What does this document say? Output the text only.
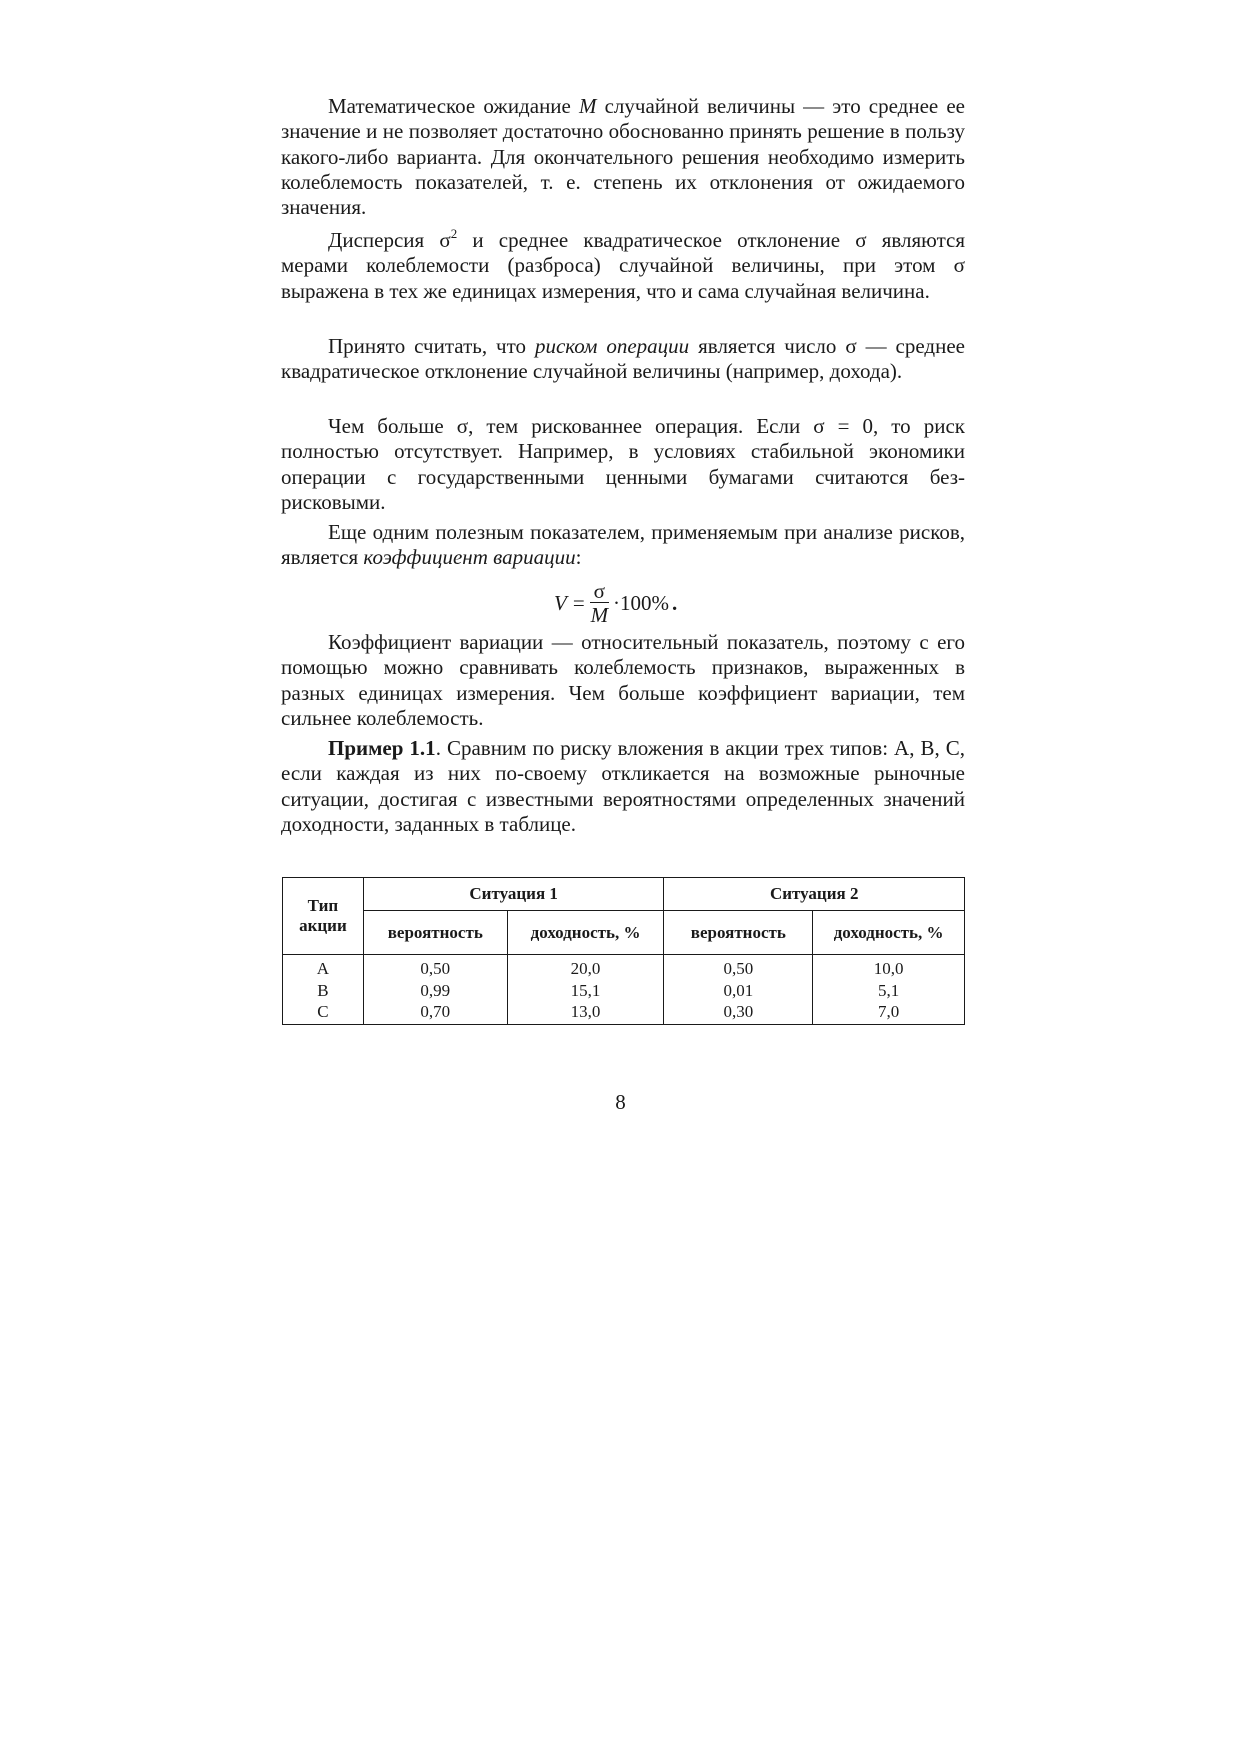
Математическое ожидание M случайной величины — это среднее ее значение и не позволяет достаточно обоснованно принять решение в пользу какого-либо варианта. Для окончательного решения необходимо измерить колеблемость показателей, т. е. степень их отклонения от ожидаемого значения.

Дисперсия $\sigma^2$ и среднее квадратическое отклонение σ являются мерами колеблемости (разброса) случайной величины, при этом σ выражена в тех же единицах измерения, что и сама случайная величина.

Принято считать, что риском операции является число σ — среднее квадратическое отклонение случайной величины (например, дохода).

Чем больше σ, тем рискованнее операция. Если σ = 0, то риск полностью отсутствует. Например, в условиях стабильной экономики операции с государственными ценными бумагами считаются безрисковыми.

Еще одним полезным показателем, применяемым при анализе рисков, является коэффициент вариации:

$V = \frac{\sigma}{M} \cdot 100\%$ .

Коэффициент вариации — относительный показатель, поэтому с его помощью можно сравнивать колеблемость признаков, выраженных в разных единицах измерения. Чем больше коэффициент вариации, тем сильнее колеблемость.

Пример 1.1. Сравним по риску вложения в акции трех типов: А, В, С, если каждая из них по-своему откликается на возможные рыночные ситуации, достигая с известными вероятностями определенных значений доходности, заданных в таблице.

Тип акции	Ситуация 1		Ситуация 2	
	вероятность	доходность, %	вероятность	доходность, %
А	0,50	20,0	0,50	10,0
В	0,99	15,1	0,01	5,1
С	0,70	13,0	0,30	7,0
8
